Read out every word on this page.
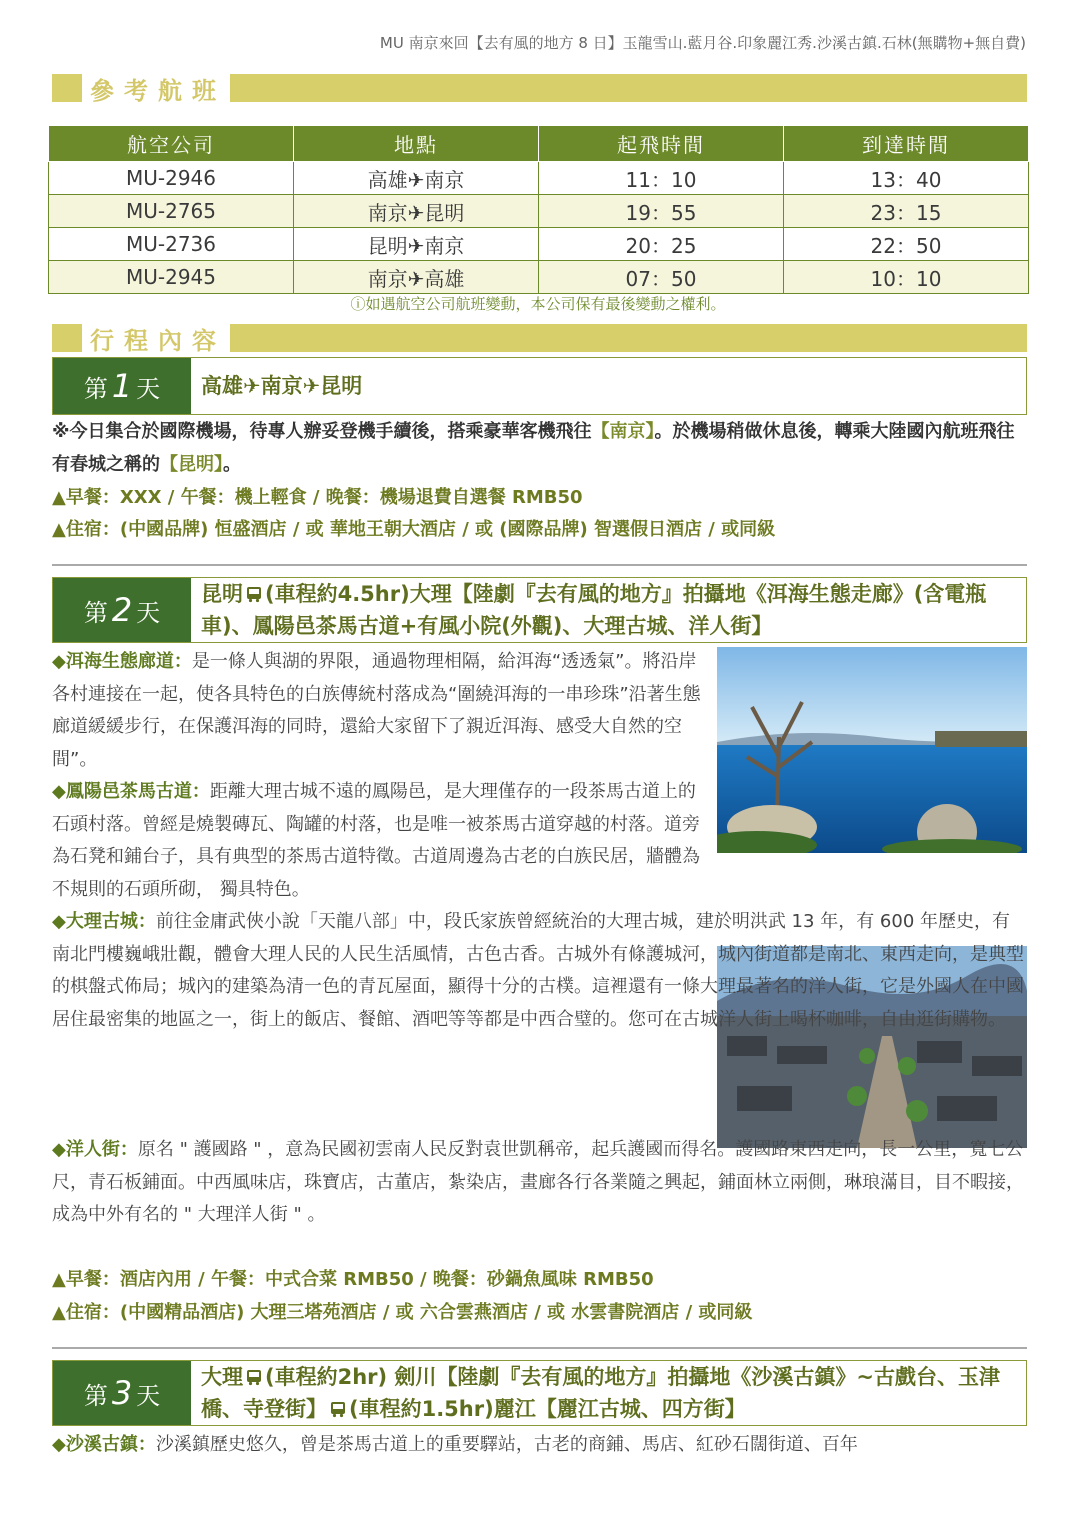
MU 南京來回【去有風的地方 8 日】玉龍雪山.藍月谷.印象麗江秀.沙溪古鎮.石林(無購物+無自費)
參考航班
航空公司	地點	起飛時間	到達時間
MU-2946	高雄✈南京	11：10	13：40
MU-2765	南京✈昆明	19：55	23：15
MU-2736	昆明✈南京	20：25	22：50
MU-2945	南京✈高雄	07：50	10：10
ⓘ如遇航空公司航班變動，本公司保有最後變動之權利。
行程內容
第 1 天 高雄✈南京✈昆明
※今日集合於國際機場，待專人辦妥登機手續後，搭乘豪華客機飛往【南京】。於機場稍做休息後，轉乘大陸國內航班飛往有春城之稱的【昆明】。
▲早餐：XXX / 午餐：機上輕食 / 晚餐：機場退費自選餐 RMB50
▲住宿：(中國品牌) 恒盛酒店 / 或 華地王朝大酒店 / 或 (國際品牌) 智選假日酒店 / 或同級
第 2 天
昆明 (車程約4.5hr)大理【陸劇『去有風的地方』拍攝地《洱海生態走廊》(含電瓶車)、鳳陽邑茶馬古道+有風小院(外觀)、大理古城、洋人街】
◆洱海生態廊道：是一條人與湖的界限，通過物理相隔，給洱海“透透氣”。將沿岸各村連接在一起，使各具特色的白族傳統村落成為“圍繞洱海的一串珍珠”沿著生態廊道緩緩步行，在保護洱海的同時，還給大家留下了親近洱海、感受大自然的空間”。
◆鳳陽邑茶馬古道：距離大理古城不遠的鳳陽邑，是大理僅存的一段茶馬古道上的石頭村落。曾經是燒製磚瓦、陶罐的村落，也是唯一被茶馬古道穿越的村落。道旁為石凳和鋪台子，具有典型的茶馬古道特徵。古道周邊為古老的白族民居，牆體為不規則的石頭所砌， 獨具特色。
◆大理古城：前往金庸武俠小說「天龍八部」中，段氏家族曾經統治的大理古城，建於明洪武 13 年，有 600 年歷史，有南北門樓巍峨壯觀，體會大理人民的人民生活風情，古色古香。古城外有條護城河，城內街道都是南北、東西走向，是典型的棋盤式佈局；城內的建築為清一色的青瓦屋面，顯得十分的古樸。這裡還有一條大理最著名的洋人街，它是外國人在中國居住最密集的地區之一，街上的飯店、餐館、酒吧等等都是中西合璧的。您可在古城洋人街上喝杯咖啡，自由逛街購物。
◆洋人街：原名 " 護國路 " ，意為民國初雲南人民反對袁世凱稱帝，起兵護國而得名。護國路東西走向，長一公里，寬七公尺，青石板鋪面。中西風味店，珠寶店，古董店，紮染店，畫廊各行各業隨之興起，鋪面林立兩側，琳琅滿目，目不暇接，成為中外有名的 " 大理洋人街 " 。
▲早餐：酒店內用 / 午餐：中式合菜 RMB50 / 晚餐：砂鍋魚風味 RMB50
▲住宿：(中國精品酒店) 大理三塔苑酒店 / 或 六合雲燕酒店 / 或 水雲書院酒店 / 或同級
第 3 天
大理 (車程約2hr) 劍川【陸劇『去有風的地方』拍攝地《沙溪古鎮》~古戲台、玉津橋、寺登街】 (車程約1.5hr)麗江【麗江古城、四方街】
◆沙溪古鎮：沙溪鎮歷史悠久，曾是茶馬古道上的重要驛站，古老的商鋪、馬店、紅砂石闊街道、百年
